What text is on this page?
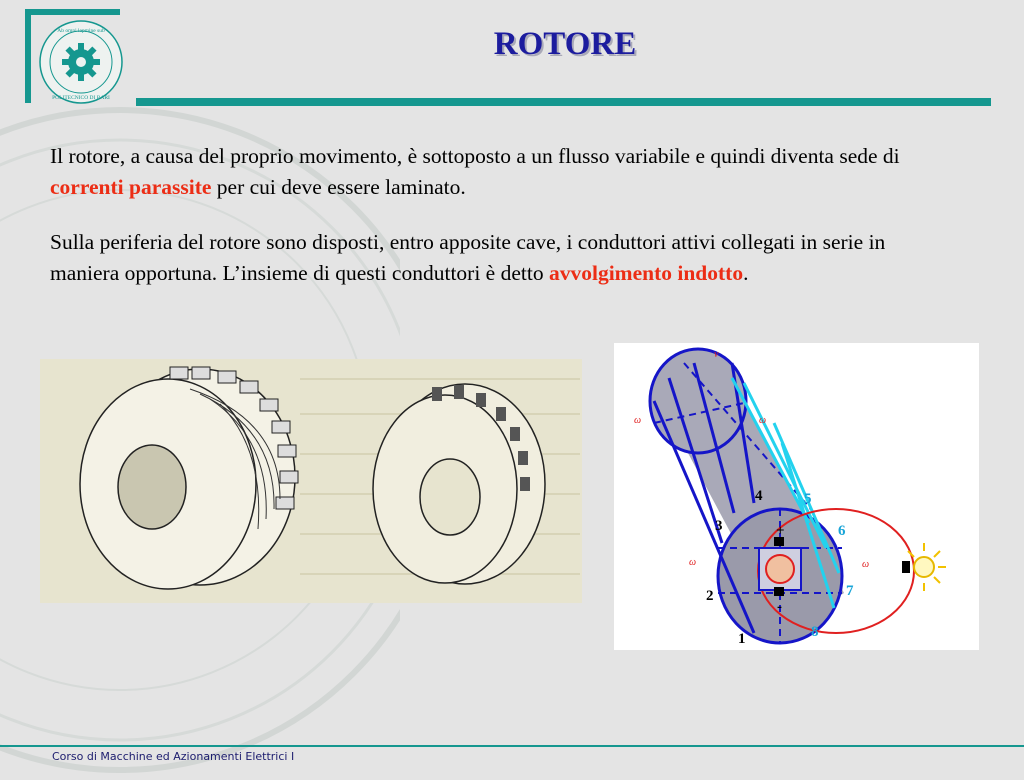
Ab omni lapmine sub
POLITECNICO DI BARI
ROTORE
Il rotore, a causa del proprio movimento, è sottoposto a un flusso variabile e quindi diventa sede di correnti parassite per cui deve essere laminato.
Sulla periferia del rotore sono disposti, entro apposite cave, i conduttori attivi collegati in serie in maniera opportuna. L’insieme di questi conduttori è detto avvolgimento indotto.
1
2
3
4	5
6
7
8
+
-
v
ω	ω
ω	ω
Corso di Macchine ed Azionamenti Elettrici I
